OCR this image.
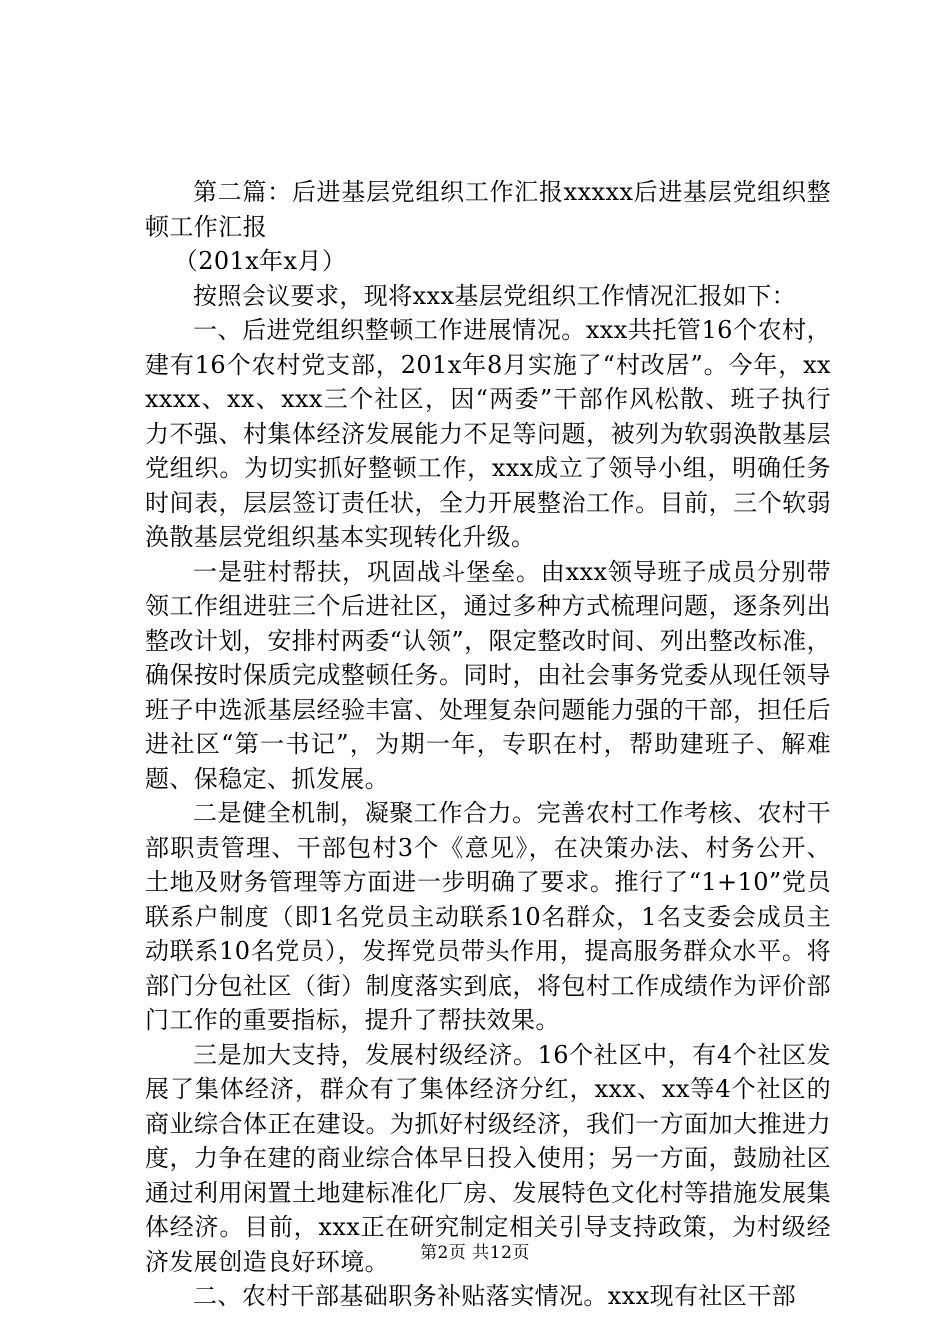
第二篇：后进基层党组织工作汇报xxxxx后进基层党组织整顿工作汇报

（201x年x月）

按照会议要求，现将xxx基层党组织工作情况汇报如下：

一、后进党组织整顿工作进展情况。xxx共托管16个农村，建有16个农村党支部，201x年8月实施了“村改居”。今年，xxxxxx、xx、xxx三个社区，因“两委”干部作风松散、班子执行力不强、村集体经济发展能力不足等问题，被列为软弱涣散基层党组织。为切实抓好整顿工作，xxx成立了领导小组，明确任务时间表，层层签订责任状，全力开展整治工作。目前，三个软弱涣散基层党组织基本实现转化升级。

一是驻村帮扶，巩固战斗堡垒。由xxx领导班子成员分别带领工作组进驻三个后进社区，通过多种方式梳理问题，逐条列出整改计划，安排村两委“认领”，限定整改时间、列出整改标准，确保按时保质完成整顿任务。同时，由社会事务党委从现任领导班子中选派基层经验丰富、处理复杂问题能力强的干部，担任后进社区“第一书记”，为期一年，专职在村，帮助建班子、解难题、保稳定、抓发展。

二是健全机制，凝聚工作合力。完善农村工作考核、农村干部职责管理、干部包村3个《意见》，在决策办法、村务公开、土地及财务管理等方面进一步明确了要求。推行了“1+10”党员联系户制度（即1名党员主动联系10名群众，1名支委会成员主动联系10名党员），发挥党员带头作用，提高服务群众水平。将部门分包社区（街）制度落实到底，将包村工作成绩作为评价部门工作的重要指标，提升了帮扶效果。

三是加大支持，发展村级经济。16个社区中，有4个社区发展了集体经济，群众有了集体经济分红，xxx、xx等4个社区的商业综合体正在建设。为抓好村级经济，我们一方面加大推进力度，力争在建的商业综合体早日投入使用；另一方面，鼓励社区通过利用闲置土地建标准化厂房、发展特色文化村等措施发展集体经济。目前，xxx正在研究制定相关引导支持政策，为村级经济发展创造良好环境。

二、农村干部基础职务补贴落实情况。xxx现有社区干部

第2页 共12页
